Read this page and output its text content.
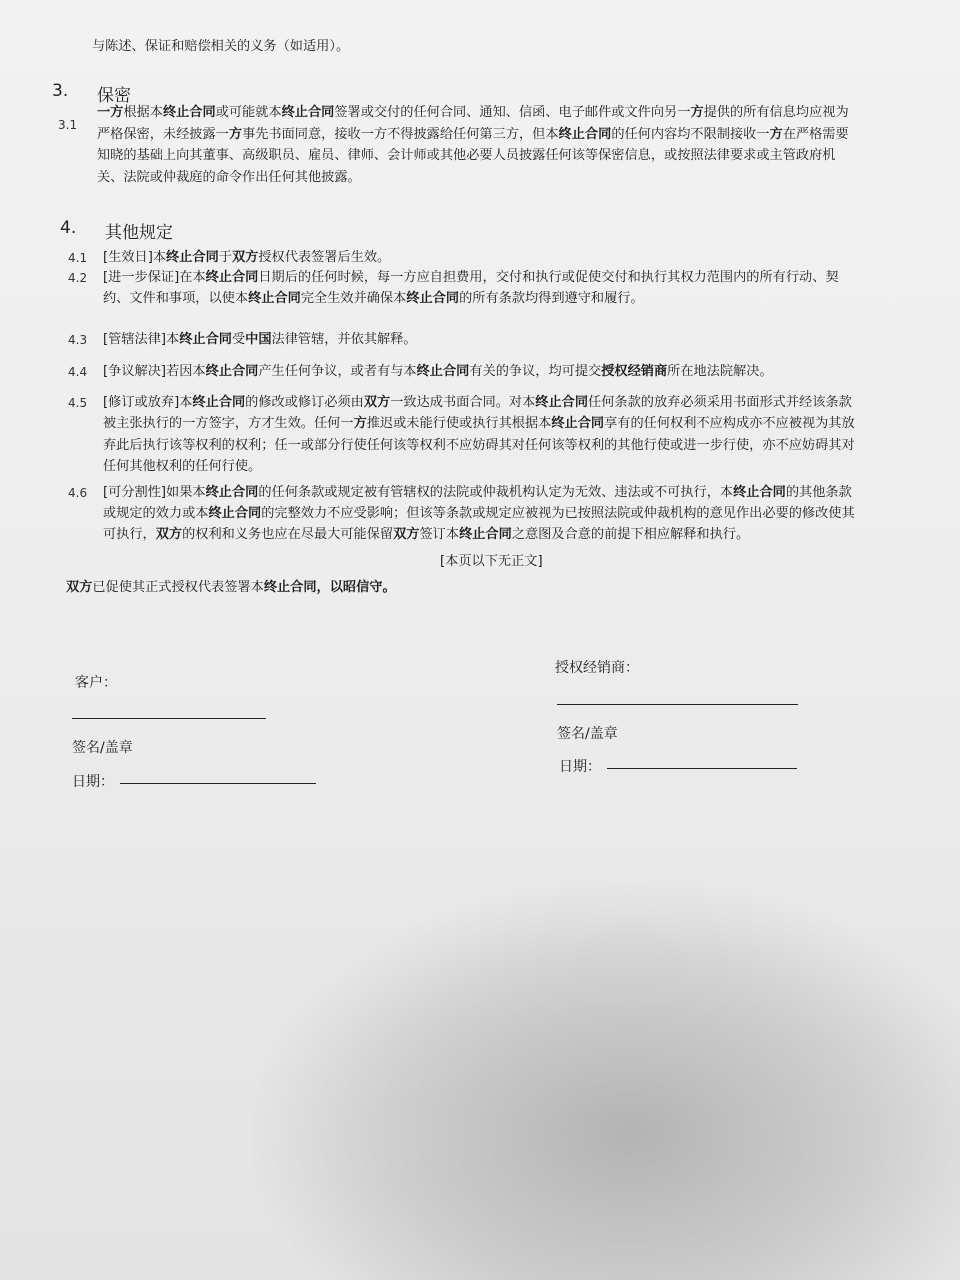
与陈述、保证和赔偿相关的义务（如适用）。
3. 保密
3.1
一方根据本终止合同或可能就本终止合同签署或交付的任何合同、通知、信函、电子邮件或文件向另一方提供的所有信息均应视为
严格保密，未经披露一方事先书面同意，接收一方不得披露给任何第三方，但本终止合同的任何内容均不限制接收一方在严格需要
知晓的基础上向其董事、高级职员、雇员、律师、会计师或其他必要人员披露任何该等保密信息，或按照法律要求或主管政府机
关、法院或仲裁庭的命令作出任何其他披露。
4. 其他规定
4.1 [生效日]本终止合同于双方授权代表签署后生效。
4.2 [进一步保证]在本终止合同日期后的任何时候，每一方应自担费用，交付和执行或促使交付和执行其权力范围内的所有行动、契
约、文件和事项，以使本终止合同完全生效并确保本终止合同的所有条款均得到遵守和履行。
4.3 [管辖法律]本终止合同受中国法律管辖，并依其解释。
4.4 [争议解决]若因本终止合同产生任何争议，或者有与本终止合同有关的争议，均可提交授权经销商所在地法院解决。
4.5 [修订或放弃]本终止合同的修改或修订必须由双方一致达成书面合同。对本终止合同任何条款的放弃必须采用书面形式并经该条款
被主张执行的一方签字，方才生效。任何一方推迟或未能行使或执行其根据本终止合同享有的任何权利不应构成亦不应被视为其放
弃此后执行该等权利的权利；任一或部分行使任何该等权利不应妨碍其对任何该等权利的其他行使或进一步行使，亦不应妨碍其对
任何其他权利的任何行使。
4.6 [可分割性]如果本终止合同的任何条款或规定被有管辖权的法院或仲裁机构认定为无效、违法或不可执行，本终止合同的其他条款
或规定的效力或本终止合同的完整效力不应受影响；但该等条款或规定应被视为已按照法院或仲裁机构的意见作出必要的修改使其
可执行，双方的权利和义务也应在尽最大可能保留双方签订本终止合同之意图及合意的前提下相应解释和执行。
[本页以下无正文]
双方已促使其正式授权代表签署本终止合同，以昭信守。
客户：
签名/盖章
日期：
授权经销商：
签名/盖章
日期：
